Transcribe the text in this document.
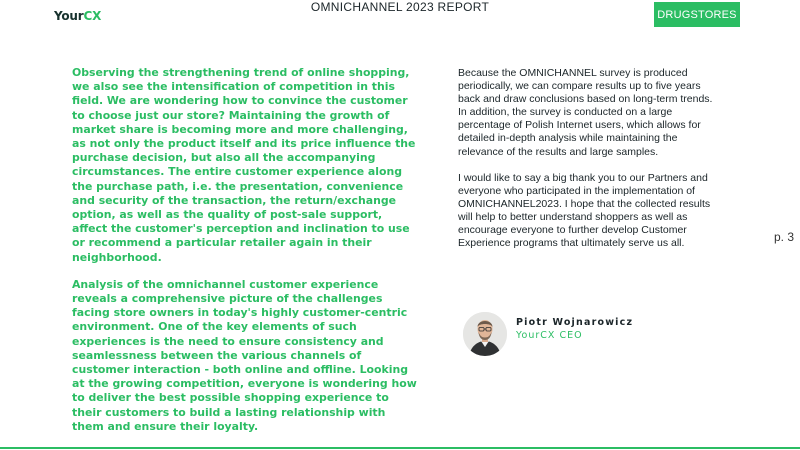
YourCX
OMNICHANNEL 2023 REPORT
DRUGSTORES

Observing the strengthening trend of online shopping, we also see the intensification of competition in this field. We are wondering how to convince the customer to choose just our store? Maintaining the growth of market share is becoming more and more challenging, as not only the product itself and its price influence the purchase decision, but also all the accompanying circumstances. The entire customer experience along the purchase path, i.e. the presentation, convenience and security of the transaction, the return/exchange option, as well as the quality of post-sale support, affect the customer's perception and inclination to use or recommend a particular retailer again in their neighborhood.

Analysis of the omnichannel customer experience reveals a comprehensive picture of the challenges facing store owners in today's highly customer-centric environment. One of the key elements of such experiences is the need to ensure consistency and seamlessness between the various channels of customer interaction - both online and offline. Looking at the growing competition, everyone is wondering how to deliver the best possible shopping experience to their customers to build a lasting relationship with them and ensure their loyalty.

Because the OMNICHANNEL survey is produced periodically, we can compare results up to five years back and draw conclusions based on long-term trends. In addition, the survey is conducted on a large percentage of Polish Internet users, which allows for detailed in-depth analysis while maintaining the relevance of the results and large samples.

I would like to say a big thank you to our Partners and everyone who participated in the implementation of OMNICHANNEL2023. I hope that the collected results will help to better understand shoppers as well as encourage everyone to further develop Customer Experience programs that ultimately serve us all.	p. 3
Piotr Wojnarowicz
YourCX CEO
